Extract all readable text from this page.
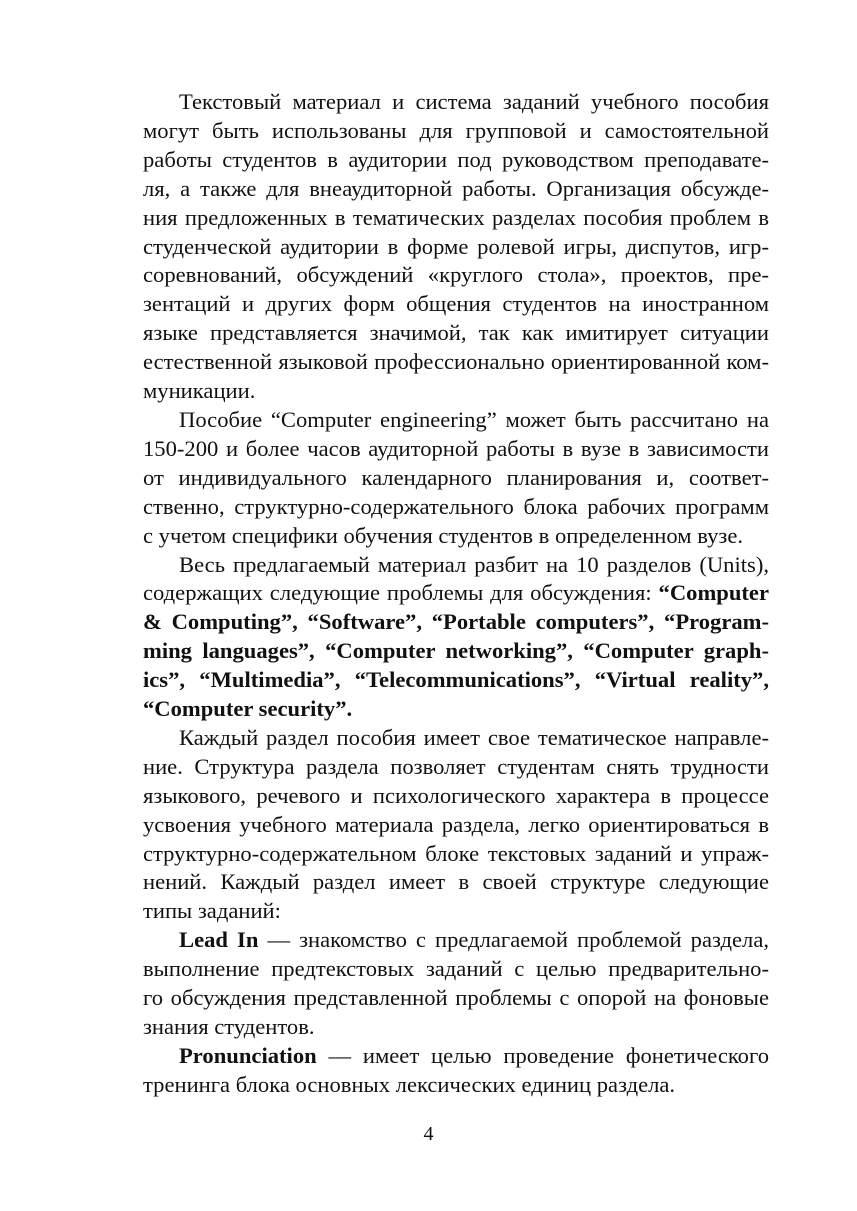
Текстовый материал и система заданий учебного пособия
могут быть использованы для групповой и самостоятельной
работы студентов в аудитории под руководством преподавате-
ля, а также для внеаудиторной работы. Организация обсужде-
ния предложенных в тематических разделах пособия проблем в
студенческой аудитории в форме ролевой игры, диспутов, игр-
соревнований, обсуждений «круглого стола», проектов, пре-
зентаций и других форм общения студентов на иностранном
языке представляется значимой, так как имитирует ситуации
естественной языковой профессионально ориентированной ком-
муникации.

Пособие “Computer engineering” может быть рассчитано на
150-200 и более часов аудиторной работы в вузе в зависимости
от индивидуального календарного планирования и, соответ-
ственно, структурно-содержательного блока рабочих программ
с учетом специфики обучения студентов в определенном вузе.

Весь предлагаемый материал разбит на 10 разделов (Units),
содержащих следующие проблемы для обсуждения: “Computer
& Computing”, “Software”, “Portable computers”, “Program-
ming languages”, “Computer networking”, “Computer graph-
ics”, “Multimedia”, “Telecommunications”, “Virtual reality”,
“Computer security”.

Каждый раздел пособия имеет свое тематическое направле-
ние. Структура раздела позволяет студентам снять трудности
языкового, речевого и психологического характера в процессе
усвоения учебного материала раздела, легко ориентироваться в
структурно-содержательном блоке текстовых заданий и упраж-
нений. Каждый раздел имеет в своей структуре следующие
типы заданий:

Lead In — знакомство с предлагаемой проблемой раздела,
выполнение предтекстовых заданий с целью предварительно-
го обсуждения представленной проблемы с опорой на фоновые
знания студентов.

Pronunciation — имеет целью проведение фонетического
тренинга блока основных лексических единиц раздела.

4
